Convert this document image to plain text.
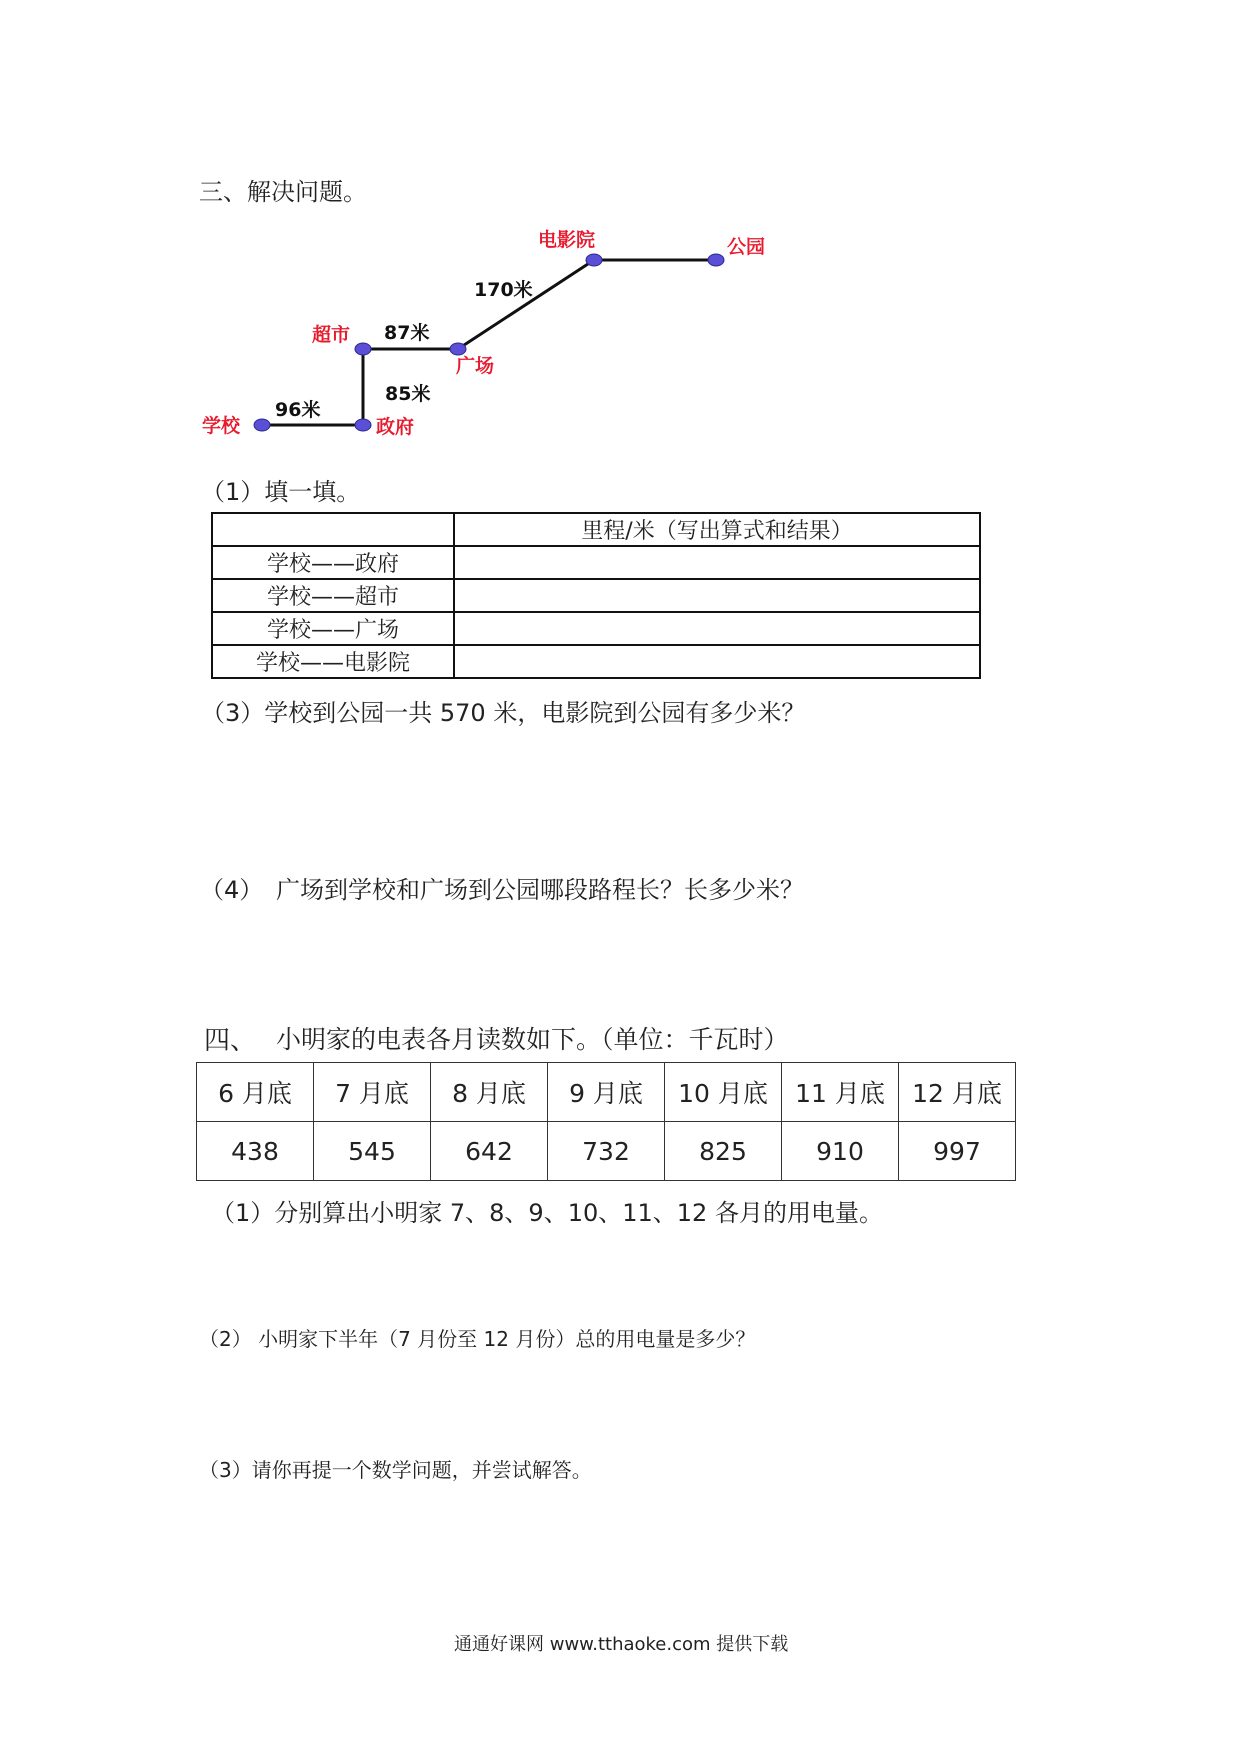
三、解决问题。
学校	政府
超市
广场
电影院	公园
96米
85米
87米
170米
（1）填一填。
	里程/米（写出算式和结果）
学校——政府	
学校——超市	
学校——广场	
学校——电影院	
（3）学校到公园一共 570 米，电影院到公园有多少米？
（4） 广场到学校和广场到公园哪段路程长？长多少米？
四、 小明家的电表各月读数如下。（单位：千瓦时）
6 月底	7 月底	8 月底	9 月底	10 月底	11 月底	12 月底
438	545	642	732	825	910	997
（1）分别算出小明家 7、8、9、10、11、12 各月的用电量。
（2） 小明家下半年（7 月份至 12 月份）总的用电量是多少？
（3）请你再提一个数学问题，并尝试解答。
通通好课网 www.tthaoke.com 提供下载
